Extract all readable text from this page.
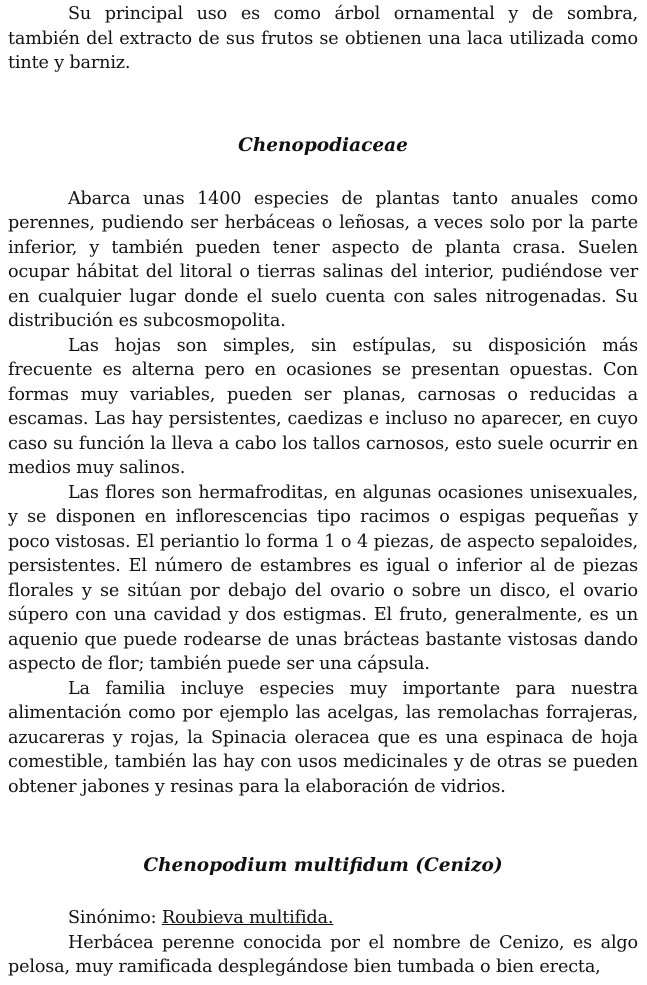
Su principal uso es como árbol ornamental y de sombra, también del extracto de sus frutos se obtienen una laca utilizada como tinte y barniz.

Chenopodiaceae

Abarca unas 1400 especies de plantas tanto anuales como perennes, pudiendo ser herbáceas o leñosas, a veces solo por la parte inferior, y también pueden tener aspecto de planta crasa. Suelen ocupar hábitat del litoral o tierras salinas del interior, pudiéndose ver en cualquier lugar donde el suelo cuenta con sales nitrogenadas. Su distribución es subcosmopolita.

Las hojas son simples, sin estípulas, su disposición más frecuente es alterna pero en ocasiones se presentan opuestas. Con formas muy variables, pueden ser planas, carnosas o reducidas a escamas. Las hay persistentes, caedizas e incluso no aparecer, en cuyo caso su función la lleva a cabo los tallos carnosos, esto suele ocurrir en medios muy salinos.

Las flores son hermafroditas, en algunas ocasiones unisexuales, y se disponen en inflorescencias tipo racimos o espigas pequeñas y poco vistosas. El periantio lo forma 1 o 4 piezas, de aspecto sepaloides, persistentes. El número de estambres es igual o inferior al de piezas florales y se sitúan por debajo del ovario o sobre un disco, el ovario súpero con una cavidad y dos estigmas. El fruto, generalmente, es un aquenio que puede rodearse de unas brácteas bastante vistosas dando aspecto de flor; también puede ser una cápsula.

La familia incluye especies muy importante para nuestra alimentación como por ejemplo las acelgas, las remolachas forrajeras, azucareras y rojas, la Spinacia oleracea que es una espinaca de hoja comestible, también las hay con usos medicinales y de otras se pueden obtener jabones y resinas para la elaboración de vidrios.

Chenopodium multifidum (Cenizo)

Sinónimo: Roubieva multifida.

Herbácea perenne conocida por el nombre de Cenizo, es algo pelosa, muy ramificada desplegándose bien tumbada o bien erecta,
